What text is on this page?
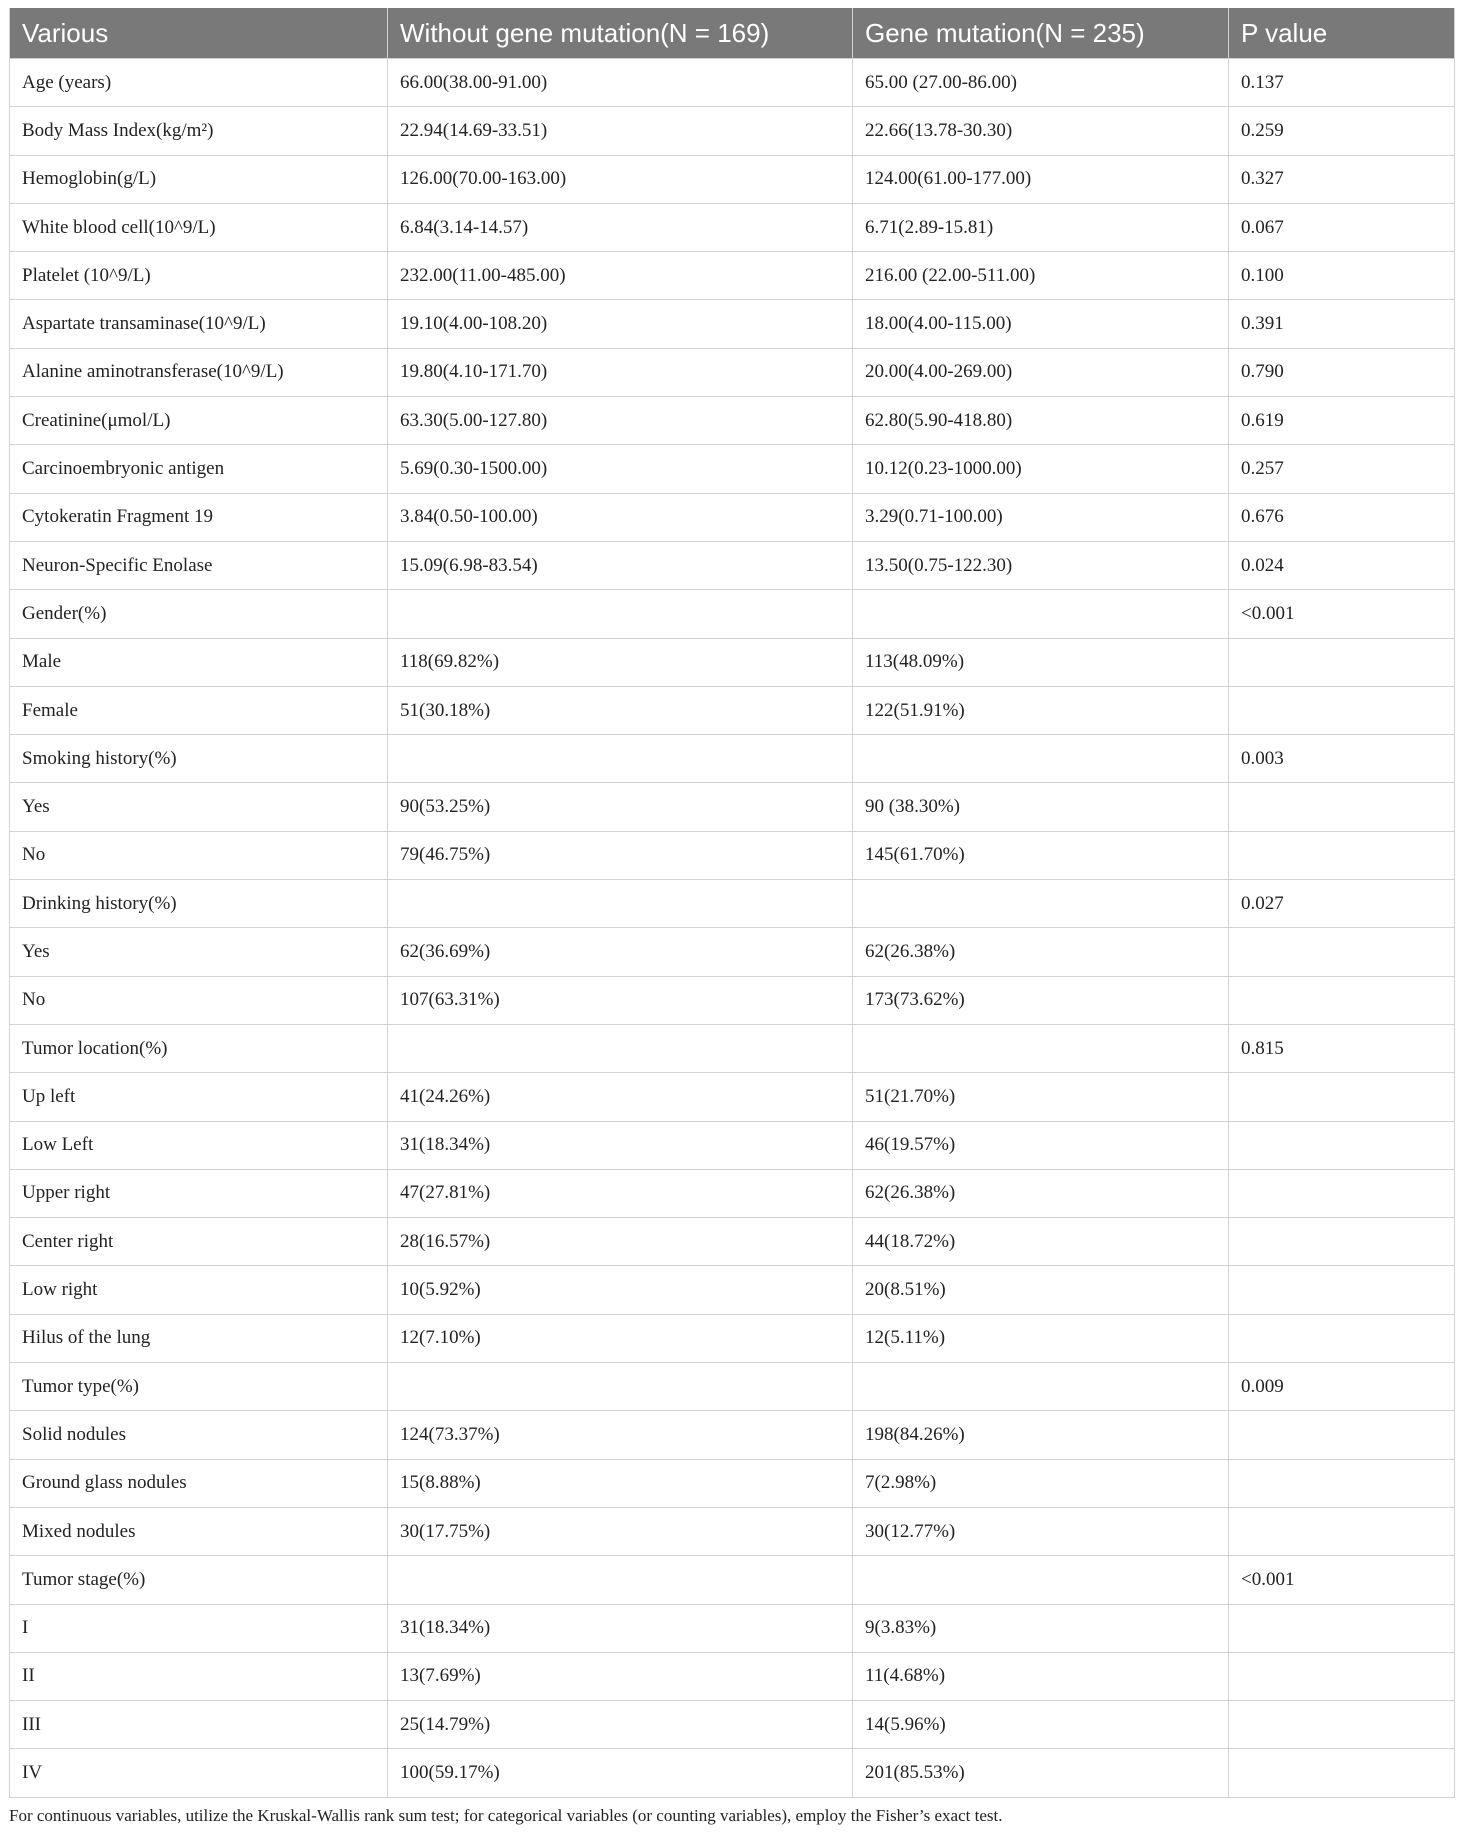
Various	Without gene mutation(N = 169)	Gene mutation(N = 235)	P value
Age (years)	66.00(38.00-91.00)	65.00 (27.00-86.00)	0.137
Body Mass Index(kg/m²)	22.94(14.69-33.51)	22.66(13.78-30.30)	0.259
Hemoglobin(g/L)	126.00(70.00-163.00)	124.00(61.00-177.00)	0.327
White blood cell(10^9/L)	6.84(3.14-14.57)	6.71(2.89-15.81)	0.067
Platelet (10^9/L)	232.00(11.00-485.00)	216.00 (22.00-511.00)	0.100
Aspartate transaminase(10^9/L)	19.10(4.00-108.20)	18.00(4.00-115.00)	0.391
Alanine aminotransferase(10^9/L)	19.80(4.10-171.70)	20.00(4.00-269.00)	0.790
Creatinine(μmol/L)	63.30(5.00-127.80)	62.80(5.90-418.80)	0.619
Carcinoembryonic antigen	5.69(0.30-1500.00)	10.12(0.23-1000.00)	0.257
Cytokeratin Fragment 19	3.84(0.50-100.00)	3.29(0.71-100.00)	0.676
Neuron-Specific Enolase	15.09(6.98-83.54)	13.50(0.75-122.30)	0.024
Gender(%)			<0.001
Male	118(69.82%)	113(48.09%)	
Female	51(30.18%)	122(51.91%)	
Smoking history(%)			0.003
Yes	90(53.25%)	90 (38.30%)	
No	79(46.75%)	145(61.70%)	
Drinking history(%)			0.027
Yes	62(36.69%)	62(26.38%)	
No	107(63.31%)	173(73.62%)	
Tumor location(%)			0.815
Up left	41(24.26%)	51(21.70%)	
Low Left	31(18.34%)	46(19.57%)	
Upper right	47(27.81%)	62(26.38%)	
Center right	28(16.57%)	44(18.72%)	
Low right	10(5.92%)	20(8.51%)	
Hilus of the lung	12(7.10%)	12(5.11%)	
Tumor type(%)			0.009
Solid nodules	124(73.37%)	198(84.26%)	
Ground glass nodules	15(8.88%)	7(2.98%)	
Mixed nodules	30(17.75%)	30(12.77%)	
Tumor stage(%)			<0.001
I	31(18.34%)	9(3.83%)	
II	13(7.69%)	11(4.68%)	
III	25(14.79%)	14(5.96%)	
IV	100(59.17%)	201(85.53%)	
For continuous variables, utilize the Kruskal-Wallis rank sum test; for categorical variables (or counting variables), employ the Fisher’s exact test.
